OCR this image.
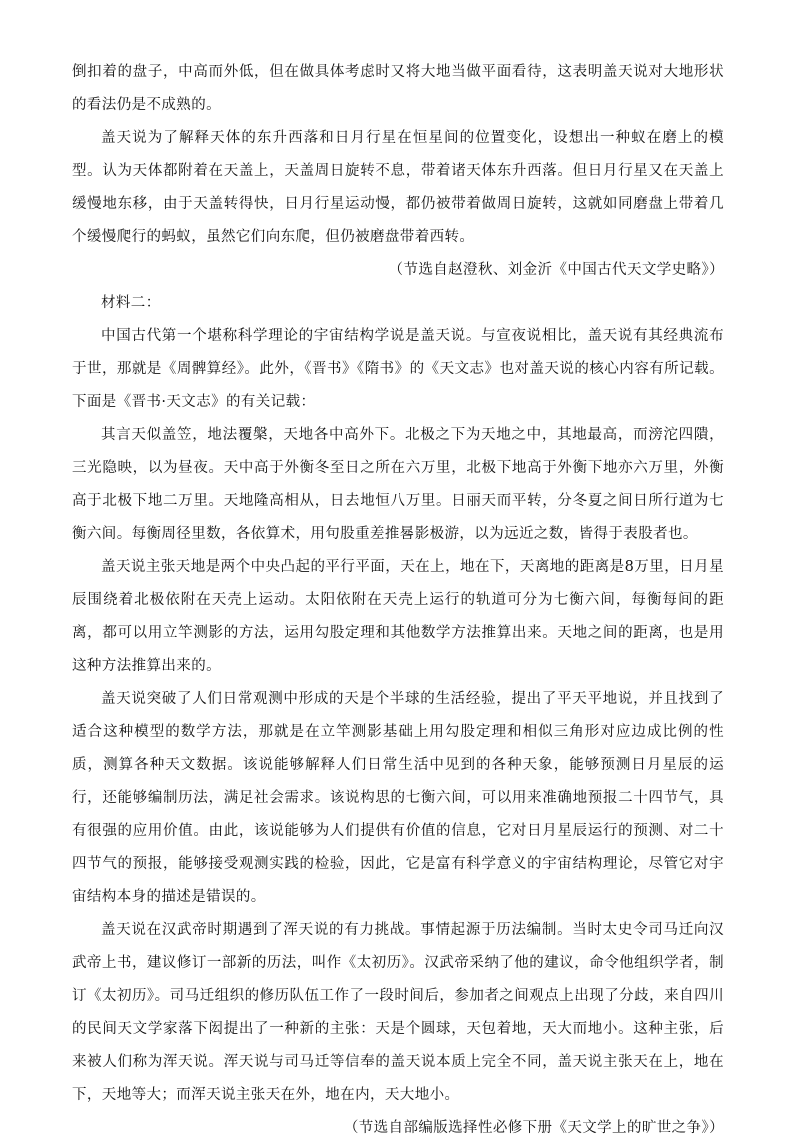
倒扣着的盘子，中高而外低，但在做具体考虑时又将大地当做平面看待，这表明盖天说对大地形状的看法仍是不成熟的。

盖天说为了解释天体的东升西落和日月行星在恒星间的位置变化，设想出一种蚁在磨上的模型。认为天体都附着在天盖上，天盖周日旋转不息，带着诸天体东升西落。但日月行星又在天盖上缓慢地东移，由于天盖转得快，日月行星运动慢，都仍被带着做周日旋转，这就如同磨盘上带着几个缓慢爬行的蚂蚁，虽然它们向东爬，但仍被磨盘带着西转。

（节选自赵澄秋、刘金沂《中国古代天文学史略》）

材料二：

中国古代第一个堪称科学理论的宇宙结构学说是盖天说。与宣夜说相比，盖天说有其经典流布于世，那就是《周髀算经》。此外，《晋书》《隋书》的《天文志》也对盖天说的核心内容有所记载。下面是《晋书·天文志》的有关记载：

其言天似盖笠，地法覆槃，天地各中高外下。北极之下为天地之中，其地最高，而滂沱四隤，三光隐映，以为昼夜。天中高于外衡冬至日之所在六万里，北极下地高于外衡下地亦六万里，外衡高于北极下地二万里。天地隆高相从，日去地恒八万里。日丽天而平转，分冬夏之间日所行道为七衡六间。每衡周径里数，各依算术，用句股重差推晷影极游，以为远近之数，皆得于表股者也。

盖天说主张天地是两个中央凸起的平行平面，天在上，地在下，天离地的距离是8万里，日月星辰围绕着北极依附在天壳上运动。太阳依附在天壳上运行的轨道可分为七衡六间，每衡每间的距离，都可以用立竿测影的方法，运用勾股定理和其他数学方法推算出来。天地之间的距离，也是用这种方法推算出来的。

盖天说突破了人们日常观测中形成的天是个半球的生活经验，提出了平天平地说，并且找到了适合这种模型的数学方法，那就是在立竿测影基础上用勾股定理和相似三角形对应边成比例的性质，测算各种天文数据。该说能够解释人们日常生活中见到的各种天象，能够预测日月星辰的运行，还能够编制历法，满足社会需求。该说构思的七衡六间，可以用来准确地预报二十四节气，具有很强的应用价值。由此，该说能够为人们提供有价值的信息，它对日月星辰运行的预测、对二十四节气的预报，能够接受观测实践的检验，因此，它是富有科学意义的宇宙结构理论，尽管它对宇宙结构本身的描述是错误的。

盖天说在汉武帝时期遇到了浑天说的有力挑战。事情起源于历法编制。当时太史令司马迁向汉武帝上书，建议修订一部新的历法，叫作《太初历》。汉武帝采纳了他的建议，命令他组织学者，制订《太初历》。司马迁组织的修历队伍工作了一段时间后，参加者之间观点上出现了分歧，来自四川的民间天文学家落下闳提出了一种新的主张：天是个圆球，天包着地，天大而地小。这种主张，后来被人们称为浑天说。浑天说与司马迁等信奉的盖天说本质上完全不同，盖天说主张天在上，地在下，天地等大；而浑天说主张天在外，地在内，天大地小。

（节选自部编版选择性必修下册《天文学上的旷世之争》）
